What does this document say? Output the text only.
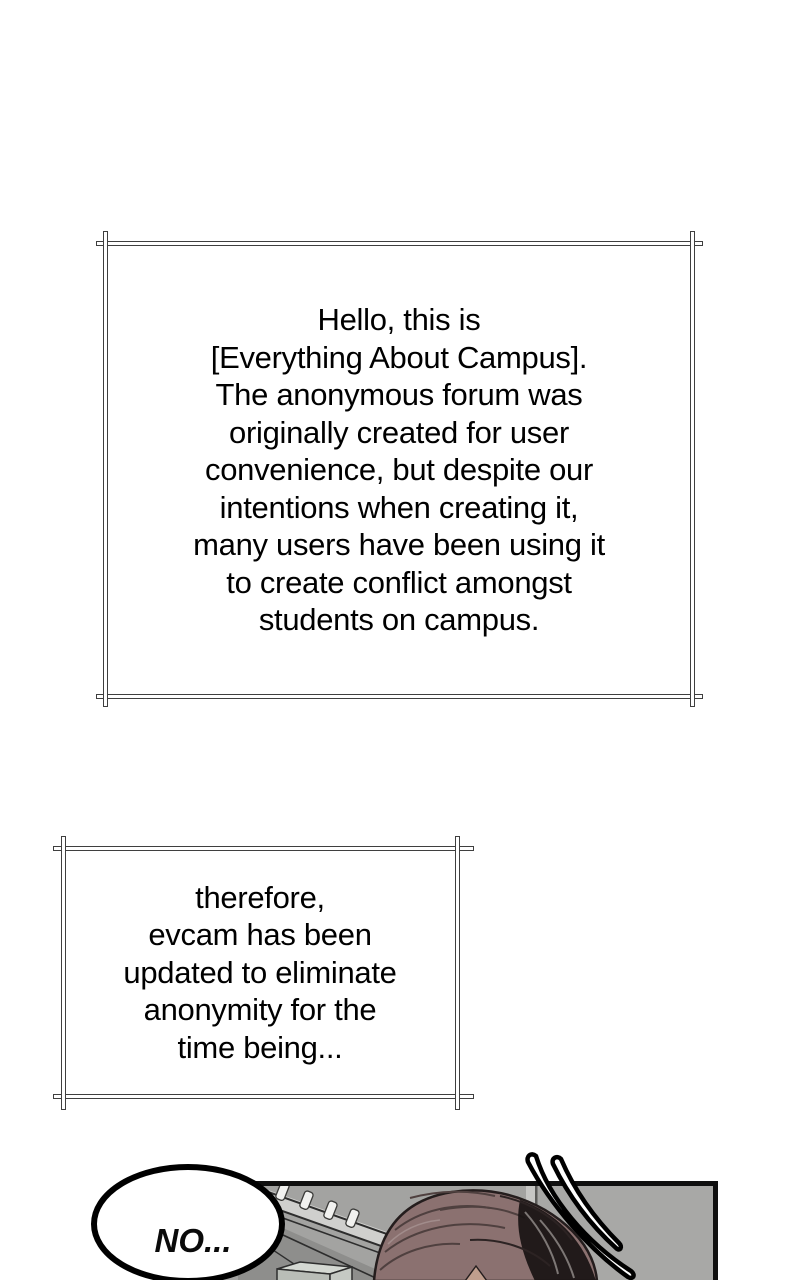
Hello, this is
[Everything About Campus].
The anonymous forum was
originally created for user
convenience, but despite our
intentions when creating it,
many users have been using it
to create conflict amongst
students on campus.
therefore,
evcam has been
updated to eliminate
anonymity for the
time being...
NO...
